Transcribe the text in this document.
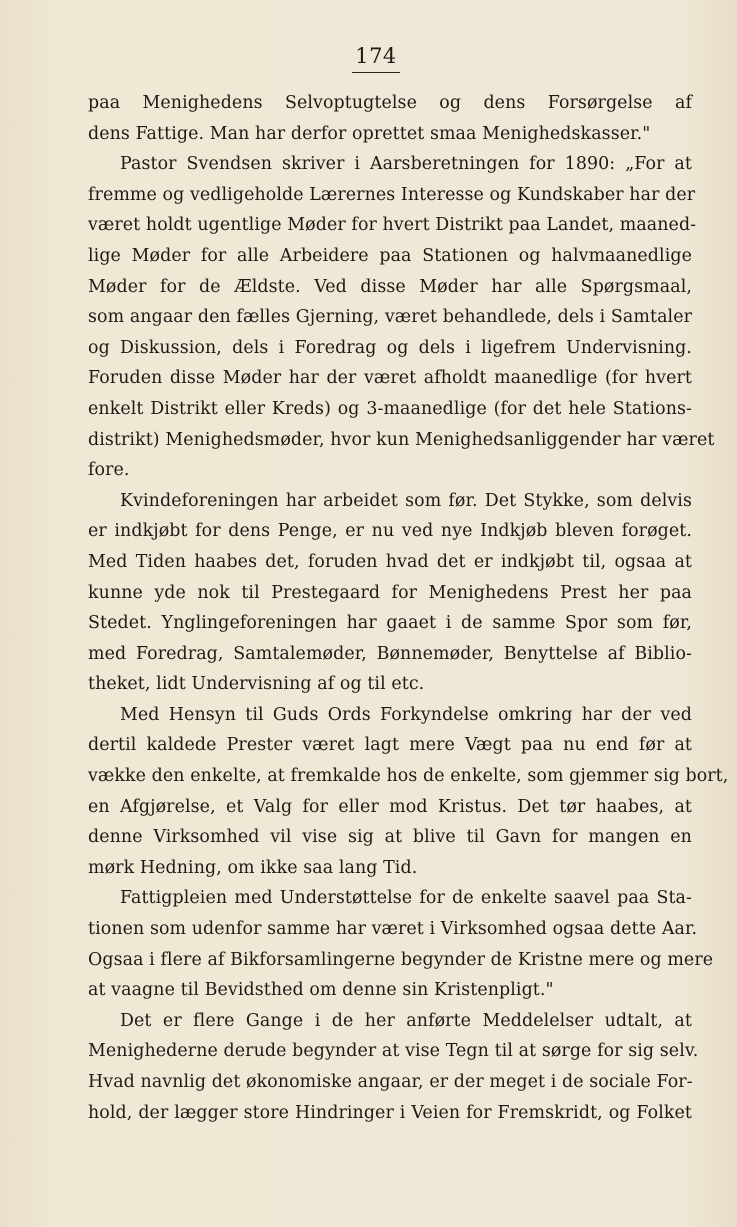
174
paa Menighedens Selvoptugtelse og dens Forsørgelse af
dens Fattige. Man har derfor oprettet smaa Menighedskasser."
Pastor Svendsen skriver i Aarsberetningen for 1890: „For at
fremme og vedligeholde Lærernes Interesse og Kundskaber har der
været holdt ugentlige Møder for hvert Distrikt paa Landet, maaned-
lige Møder for alle Arbeidere paa Stationen og halvmaanedlige
Møder for de Ældste. Ved disse Møder har alle Spørgsmaal,
som angaar den fælles Gjerning, været behandlede, dels i Samtaler
og Diskussion, dels i Foredrag og dels i ligefrem Undervisning.
Foruden disse Møder har der været afholdt maanedlige (for hvert
enkelt Distrikt eller Kreds) og 3-maanedlige (for det hele Stations-
distrikt) Menighedsmøder, hvor kun Menighedsanliggender har været
fore.
Kvindeforeningen har arbeidet som før. Det Stykke, som delvis
er indkjøbt for dens Penge, er nu ved nye Indkjøb bleven forøget.
Med Tiden haabes det, foruden hvad det er indkjøbt til, ogsaa at
kunne yde nok til Prestegaard for Menighedens Prest her paa
Stedet. Ynglingeforeningen har gaaet i de samme Spor som før,
med Foredrag, Samtalemøder, Bønnemøder, Benyttelse af Biblio-
theket, lidt Undervisning af og til etc.
Med Hensyn til Guds Ords Forkyndelse omkring har der ved
dertil kaldede Prester været lagt mere Vægt paa nu end før at
vække den enkelte, at fremkalde hos de enkelte, som gjemmer sig bort,
en Afgjørelse, et Valg for eller mod Kristus. Det tør haabes, at
denne Virksomhed vil vise sig at blive til Gavn for mangen en
mørk Hedning, om ikke saa lang Tid.
Fattigpleien med Understøttelse for de enkelte saavel paa Sta-
tionen som udenfor samme har været i Virksomhed ogsaa dette Aar.
Ogsaa i flere af Bikforsamlingerne begynder de Kristne mere og mere
at vaagne til Bevidsthed om denne sin Kristenpligt."
Det er flere Gange i de her anførte Meddelelser udtalt, at
Menighederne derude begynder at vise Tegn til at sørge for sig selv.
Hvad navnlig det økonomiske angaar, er der meget i de sociale For-
hold, der lægger store Hindringer i Veien for Fremskridt, og Folket
